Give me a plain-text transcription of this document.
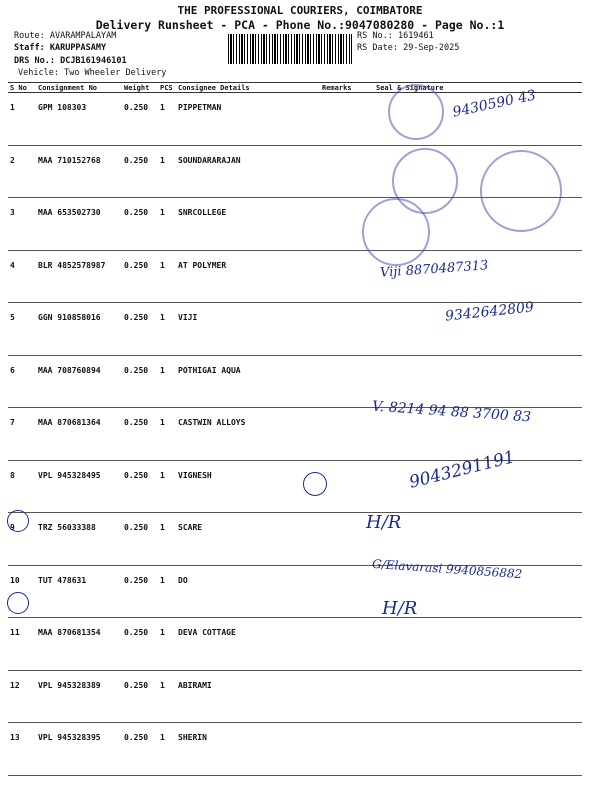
THE PROFESSIONAL COURIERS, COIMBATORE
Delivery Runsheet - PCA - Phone No.:9047080280 - Page No.:1
Route: AVARAMPALAYAM
Staff: KARUPPASAMY
DRS No.: DCJB161946101
Vehicle: Two Wheeler Delivery
RS No.: 1619461
RS Date: 29-Sep-2025
S No	Consignment No	Weight	PCS	Consignee Details	Remarks	Seal & Signature
1	GPM 108303	0.250	1	PIPPETMAN		
2	MAA 710152768	0.250	1	SOUNDARARAJAN		
3	MAA 653502730	0.250	1	SNRCOLLEGE		
4	BLR 4852578987	0.250	1	AT POLYMER		
5	GGN 910858016	0.250	1	VIJI		
6	MAA 708760894	0.250	1	POTHIGAI AQUA		
7	MAA 870681364	0.250	1	CASTWIN ALLOYS		
8	VPL 945328495	0.250	1	VIGNESH		
9	TRZ 56033388	0.250	1	SCARE		
10	TUT 478631	0.250	1	DO		
11	MAA 870681354	0.250	1	DEVA COTTAGE		
12	VPL 945328389	0.250	1	ABIRAMI		
13	VPL 945328395	0.250	1	SHERIN		
9430590 43
Viji 8870487313
9342642809
V. 8214 94 88 3700 83
9043291191
H/R
G/Elavarasi 9940856882
H/R
